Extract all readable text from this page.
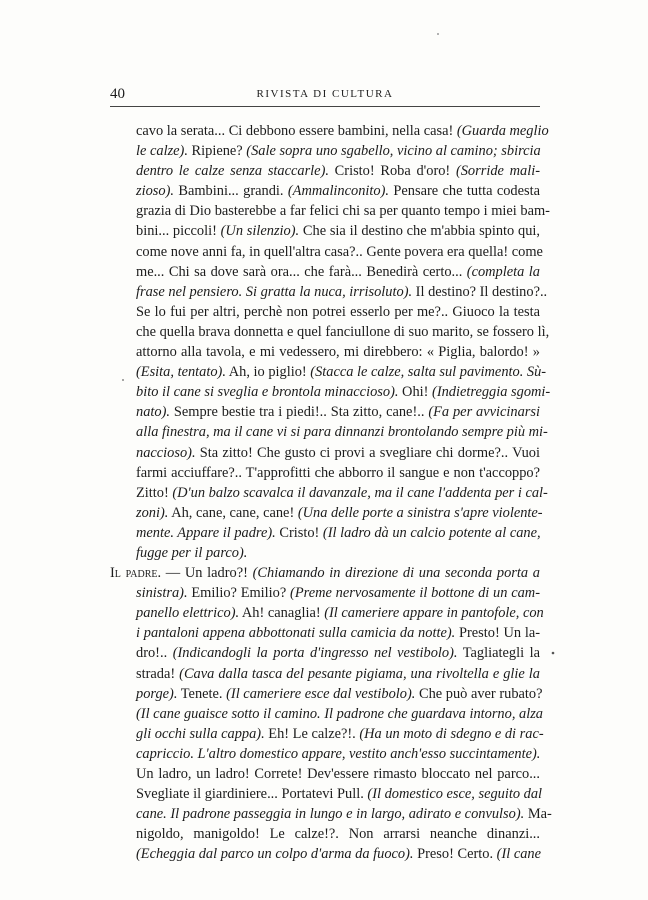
40	RIVISTA DI CULTURA
cavo la serata... Ci debbono essere bambini, nella casa! (Guarda meglio
le calze). Ripiene? (Sale sopra uno sgabello, vicino al camino; sbircia
dentro le calze senza staccarle). Cristo! Roba d'oro! (Sorride mali-
zioso). Bambini... grandi. (Ammalinconito). Pensare che tutta codesta
grazia di Dio basterebbe a far felici chi sa per quanto tempo i miei bam-
bini... piccoli! (Un silenzio). Che sia il destino che m'abbia spinto qui,
come nove anni fa, in quell'altra casa?.. Gente povera era quella! come
me... Chi sa dove sarà ora... che farà... Benedirà certo... (completa la
frase nel pensiero. Si gratta la nuca, irrisoluto). Il destino? Il destino?..
Se lo fui per altri, perchè non potrei esserlo per me?.. Giuoco la testa
che quella brava donnetta e quel fanciullone di suo marito, se fossero lì,
attorno alla tavola, e mi vedessero, mi direbbero: « Piglia, balordo! »
(Esita, tentato). Ah, io piglio! (Stacca le calze, salta sul pavimento. Sù-
bito il cane si sveglia e brontola minaccioso). Ohi! (Indietreggia sgomi-
nato). Sempre bestie tra i piedi!.. Sta zitto, cane!.. (Fa per avvicinarsi
alla finestra, ma il cane vi si para dinnanzi brontolando sempre più mi-
naccioso). Sta zitto! Che gusto ci provi a svegliare chi dorme?.. Vuoi
farmi acciuffare?.. T'approfitti che abborro il sangue e non t'accoppo?
Zitto! (D'un balzo scavalca il davanzale, ma il cane l'addenta per i cal-
zoni). Ah, cane, cane, cane! (Una delle porte a sinistra s'apre violente-
mente. Appare il padre). Cristo! (Il ladro dà un calcio potente al cane,
fugge per il parco).
Il padre. — Un ladro?! (Chiamando in direzione di una seconda porta a
sinistra). Emilio? Emilio? (Preme nervosamente il bottone di un cam-
panello elettrico). Ah! canaglia! (Il cameriere appare in pantofole, con
i pantaloni appena abbottonati sulla camicia da notte). Presto! Un la-
dro!.. (Indicandogli la porta d'ingresso nel vestibolo). Tagliategli la
strada! (Cava dalla tasca del pesante pigiama, una rivoltella e glie la
porge). Tenete. (Il cameriere esce dal vestibolo). Che può aver rubato?
(Il cane guaisce sotto il camino. Il padrone che guardava intorno, alza
gli occhi sulla cappa). Eh! Le calze?!. (Ha un moto di sdegno e di rac-
capriccio. L'altro domestico appare, vestito anch'esso succintamente).
Un ladro, un ladro! Correte! Dev'essere rimasto bloccato nel parco...
Svegliate il giardiniere... Portatevi Pull. (Il domestico esce, seguito dal
cane. Il padrone passeggia in lungo e in largo, adirato e convulso). Ma-
nigoldo, manigoldo! Le calze!?. Non arrarsi neanche dinanzi...
(Echeggia dal parco un colpo d'arma da fuoco). Preso! Certo. (Il cane
